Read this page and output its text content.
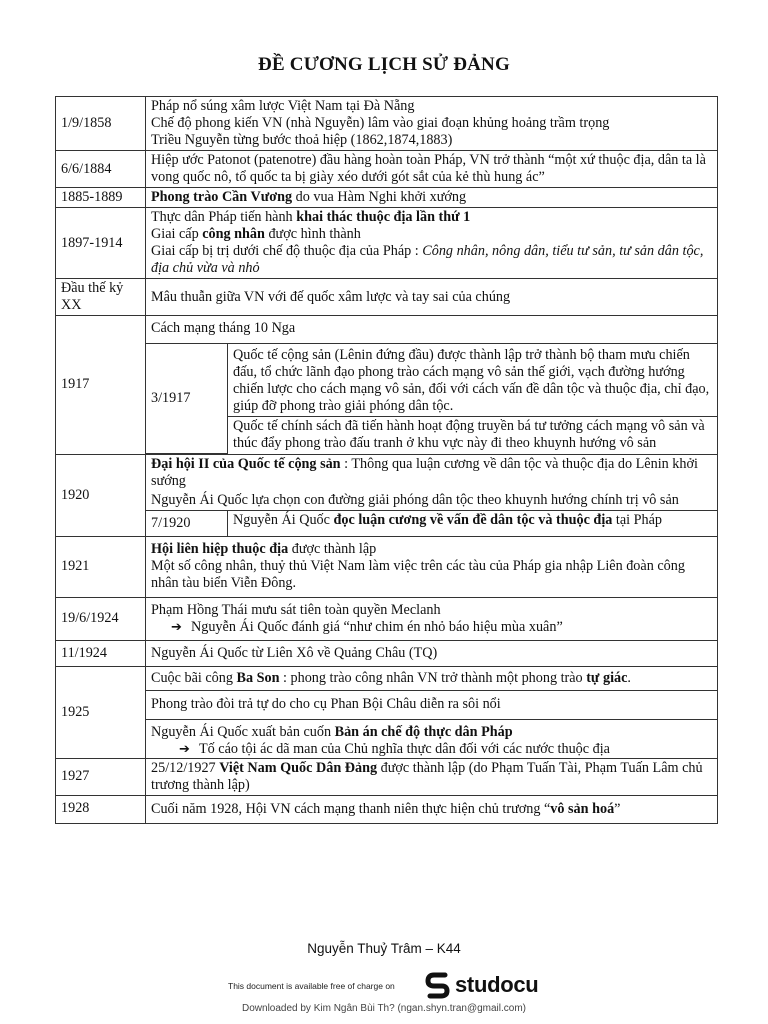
ĐỀ CƯƠNG LỊCH SỬ ĐẢNG
1/9/1858	
Pháp nổ súng xâm lược Việt Nam tại Đà Nẵng
Chế độ phong kiến VN (nhà Nguyễn) lâm vào giai đoạn khủng hoảng trầm trọng
Triều Nguyễn từng bước thoả hiệp (1862,1874,1883)

6/6/1884	
Hiệp ước Patonot (patenotre) đầu hàng hoàn toàn Pháp, VN trở thành “một xứ thuộc địa, dân ta là vong quốc nô, tổ quốc ta bị giày xéo dưới gót sắt của kẻ thù hung ác”

1885-1889	Phong trào Cần Vương do vua Hàm Nghi khởi xướng
1897-1914	
Thực dân Pháp tiến hành khai thác thuộc địa lần thứ 1
Giai cấp công nhân được hình thành
Giai cấp bị trị dưới chế độ thuộc địa của Pháp : Công nhân, nông dân, tiểu tư sản, tư sản dân tộc, địa chủ vừa và nhỏ

Đầu thế kỷ XX	Mâu thuẫn giữa VN với đế quốc xâm lược và tay sai của chúng
1917	Cách mạng tháng 10 Nga

3/1917	Quốc tế cộng sản (Lênin đứng đầu) được thành lập trở thành bộ tham mưu chiến đấu, tổ chức lãnh đạo phong trào cách mạng vô sản thế giới, vạch đường hướng chiến lược cho cách mạng vô sản, đối với cách vấn đề dân tộc và thuộc địa, chỉ đạo, giúp đỡ phong trào giải phóng dân tộc.
Quốc tế chính sách đã tiến hành hoạt động truyền bá tư tưởng cách mạng vô sản và thúc đẩy phong trào đấu tranh ở khu vực này đi theo khuynh hướng vô sản

1920	
Đại hội II của Quốc tế cộng sản : Thông qua luận cương về dân tộc và thuộc địa do Lênin khởi sướng
Nguyễn Ái Quốc lựa chọn con đường giải phóng dân tộc theo khuynh hướng chính trị vô sản

7/1920	Nguyễn Ái Quốc đọc luận cương về vấn đề dân tộc và thuộc địa tại Pháp

1921	
Hội liên hiệp thuộc địa được thành lập
Một số công nhân, thuỷ thủ Việt Nam làm việc trên các tàu của Pháp gia nhập Liên đoàn công nhân tàu biển Viễn Đông.

19/6/1924	
Phạm Hồng Thái mưu sát tiên toàn quyền Meclanh
➔ Nguyễn Ái Quốc đánh giá “như chim én nhỏ báo hiệu mùa xuân”

11/1924	Nguyễn Ái Quốc từ Liên Xô về Quảng Châu (TQ)
1925	Cuộc bãi công Ba Son : phong trào công nhân VN trở thành một phong trào tự giác.
Phong trào đòi trả tự do cho cụ Phan Bội Châu diễn ra sôi nổi

Nguyễn Ái Quốc xuất bản cuốn Bản án chế độ thực dân Pháp
➔ Tố cáo tội ác dã man của Chủ nghĩa thực dân đối với các nước thuộc địa

1927	25/12/1927 Việt Nam Quốc Dân Đảng được thành lập (do Phạm Tuấn Tài, Phạm Tuấn Lâm chủ trương thành lập)
1928	Cuối năm 1928, Hội VN cách mạng thanh niên thực hiện chủ trương “vô sản hoá”
Nguyễn Thuỷ Trâm – K44
This document is available free of charge on	studocu
Downloaded by Kim Ngân Bùi Th? (ngan.shyn.tran@gmail.com)
